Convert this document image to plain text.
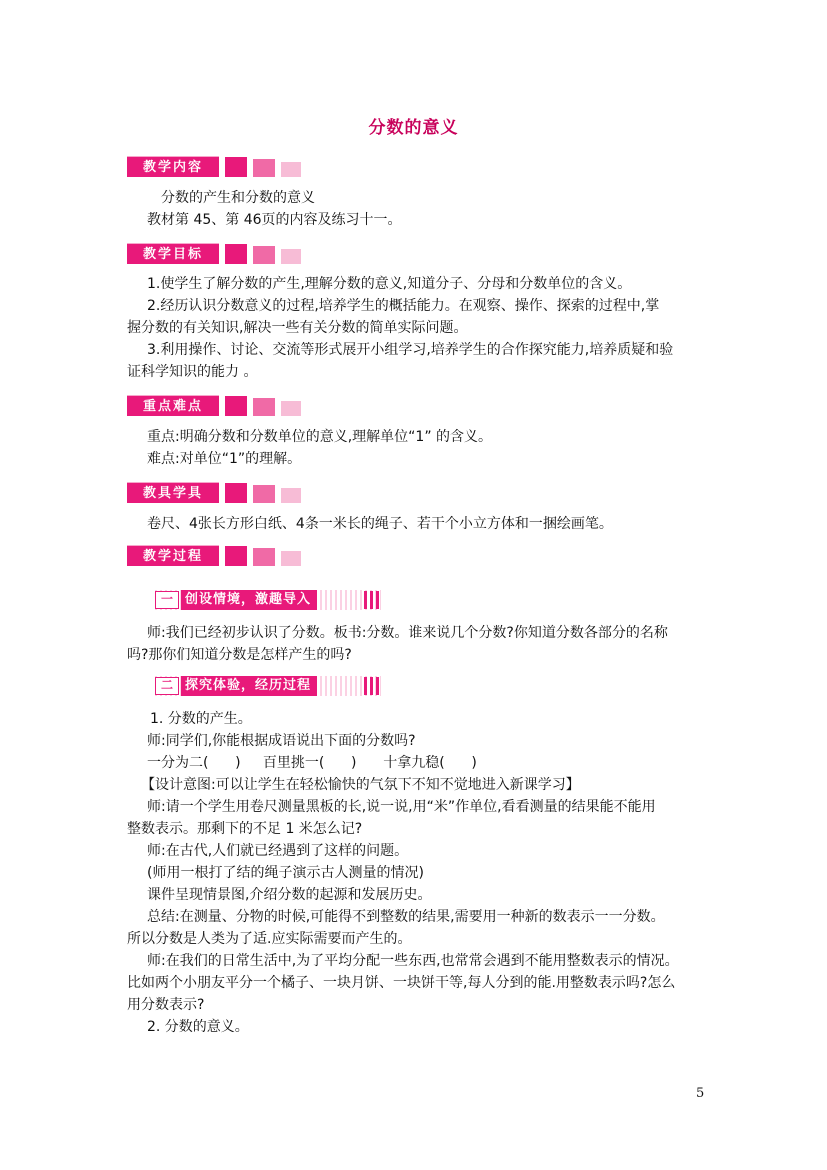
分数的意义
教学内容
分数的产生和分数的意义
教材第 45、第 46页的内容及练习十一。
教学目标
1.使学生了解分数的产生,理解分数的意义,知道分子、分母和分数单位的含义。
2.经历认识分数意义的过程,培养学生的概括能力。在观察、操作、探索的过程中,掌
握分数的有关知识,解决一些有关分数的简单实际问题。
3.利用操作、讨论、交流等形式展开小组学习,培养学生的合作探究能力,培养质疑和验
证科学知识的能力 。
重点难点
重点:明确分数和分数单位的意义,理解单位“1” 的含义。
难点:对单位“1”的理解。
教具学具
卷尺、4张长方形白纸、4条一米长的绳子、若干个小立方体和一捆绘画笔。
教学过程
一 创设情境，激趣导入
师:我们已经初步认识了分数。板书:分数。谁来说几个分数?你知道分数各部分的名称
吗?那你们知道分数是怎样产生的吗?
二 探究体验，经历过程
1. 分数的产生。
师:同学们,你能根据成语说出下面的分数吗?
一分为二(      )     百里挑一(      )      十拿九稳(      )
【设计意图:可以让学生在轻松愉快的气氛下不知不觉地进入新课学习】
师:请一个学生用卷尺测量黑板的长,说一说,用“米”作单位,看看测量的结果能不能用
整数表示。那剩下的不足 1 米怎么记?
师:在古代,人们就已经遇到了这样的问题。
(师用一根打了结的绳子演示古人测量的情况)
课件呈现情景图,介绍分数的起源和发展历史。
总结:在测量、分物的时候,可能得不到整数的结果,需要用一种新的数表示一一分数。
所以分数是人类为了适.应实际需要而产生的。
师:在我们的日常生活中,为了平均分配一些东西,也常常会遇到不能用整数表示的情况。
比如两个小朋友平分一个橘子、一块月饼、一块饼干等,每人分到的能.用整数表示吗?怎么
用分数表示?
2. 分数的意义。
5
